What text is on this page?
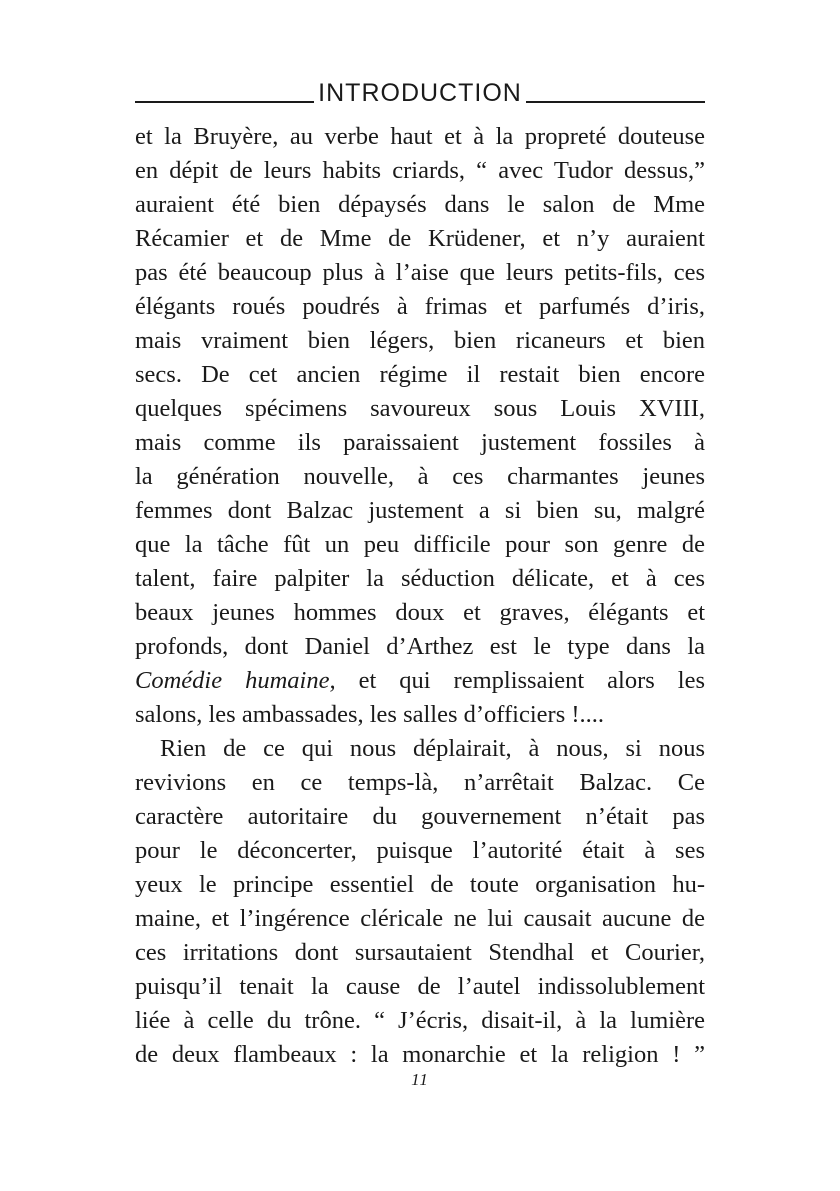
INTRODUCTION
et la Bruyère, au verbe haut et à la propreté douteuse
en dépit de leurs habits criards, “ avec Tudor dessus,”
auraient été bien dépaysés dans le salon de Mme
Récamier et de Mme de Krüdener, et n’y auraient
pas été beaucoup plus à l’aise que leurs petits-fils, ces
élégants roués poudrés à frimas et parfumés d’iris,
mais vraiment bien légers, bien ricaneurs et bien
secs. De cet ancien régime il restait bien encore
quelques spécimens savoureux sous Louis XVIII,
mais comme ils paraissaient justement fossiles à
la génération nouvelle, à ces charmantes jeunes
femmes dont Balzac justement a si bien su, malgré
que la tâche fût un peu difficile pour son genre de
talent, faire palpiter la séduction délicate, et à ces
beaux jeunes hommes doux et graves, élégants et
profonds, dont Daniel d’Arthez est le type dans la
Comédie humaine, et qui remplissaient alors les
salons, les ambassades, les salles d’officiers !....
Rien de ce qui nous déplairait, à nous, si nous
revivions en ce temps-là, n’arrêtait Balzac. Ce
caractère autoritaire du gouvernement n’était pas
pour le déconcerter, puisque l’autorité était à ses
yeux le principe essentiel de toute organisation hu-
maine, et l’ingérence cléricale ne lui causait aucune de
ces irritations dont sursautaient Stendhal et Courier,
puisqu’il tenait la cause de l’autel indissolublement
liée à celle du trône. “ J’écris, disait-il, à la lumière
de deux flambeaux : la monarchie et la religion ! ”
11
